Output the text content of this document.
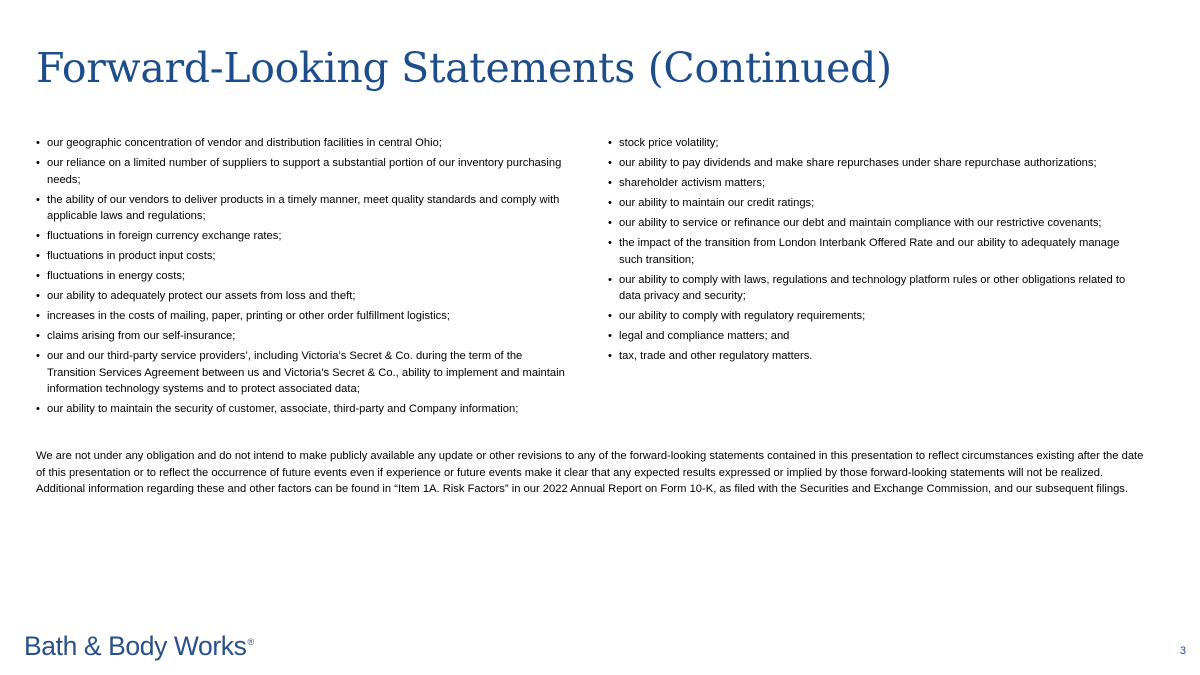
Forward-Looking Statements (Continued)
• our geographic concentration of vendor and distribution facilities in central Ohio;
• our reliance on a limited number of suppliers to support a substantial portion of our inventory purchasing needs;
• the ability of our vendors to deliver products in a timely manner, meet quality standards and comply with applicable laws and regulations;
• fluctuations in foreign currency exchange rates;
• fluctuations in product input costs;
• fluctuations in energy costs;
• our ability to adequately protect our assets from loss and theft;
• increases in the costs of mailing, paper, printing or other order fulfillment logistics;
• claims arising from our self-insurance;
• our and our third-party service providers’, including Victoria’s Secret & Co. during the term of the Transition Services Agreement between us and Victoria’s Secret & Co., ability to implement and maintain information technology systems and to protect associated data;
• our ability to maintain the security of customer, associate, third-party and Company information;
• stock price volatility;
• our ability to pay dividends and make share repurchases under share repurchase authorizations;
• shareholder activism matters;
• our ability to maintain our credit ratings;
• our ability to service or refinance our debt and maintain compliance with our restrictive covenants;
• the impact of the transition from London Interbank Offered Rate and our ability to adequately manage such transition;
• our ability to comply with laws, regulations and technology platform rules or other obligations related to data privacy and security;
• our ability to comply with regulatory requirements;
• legal and compliance matters; and
• tax, trade and other regulatory matters.

We are not under any obligation and do not intend to make publicly available any update or other revisions to any of the forward-looking statements contained in this presentation to reflect circumstances existing after the date of this presentation or to reflect the occurrence of future events even if experience or future events make it clear that any expected results expressed or implied by those forward-looking statements will not be realized. Additional information regarding these and other factors can be found in “Item 1A. Risk Factors” in our 2022 Annual Report on Form 10-K, as filed with the Securities and Exchange Commission, and our subsequent filings.

Bath & Body Works®
3
